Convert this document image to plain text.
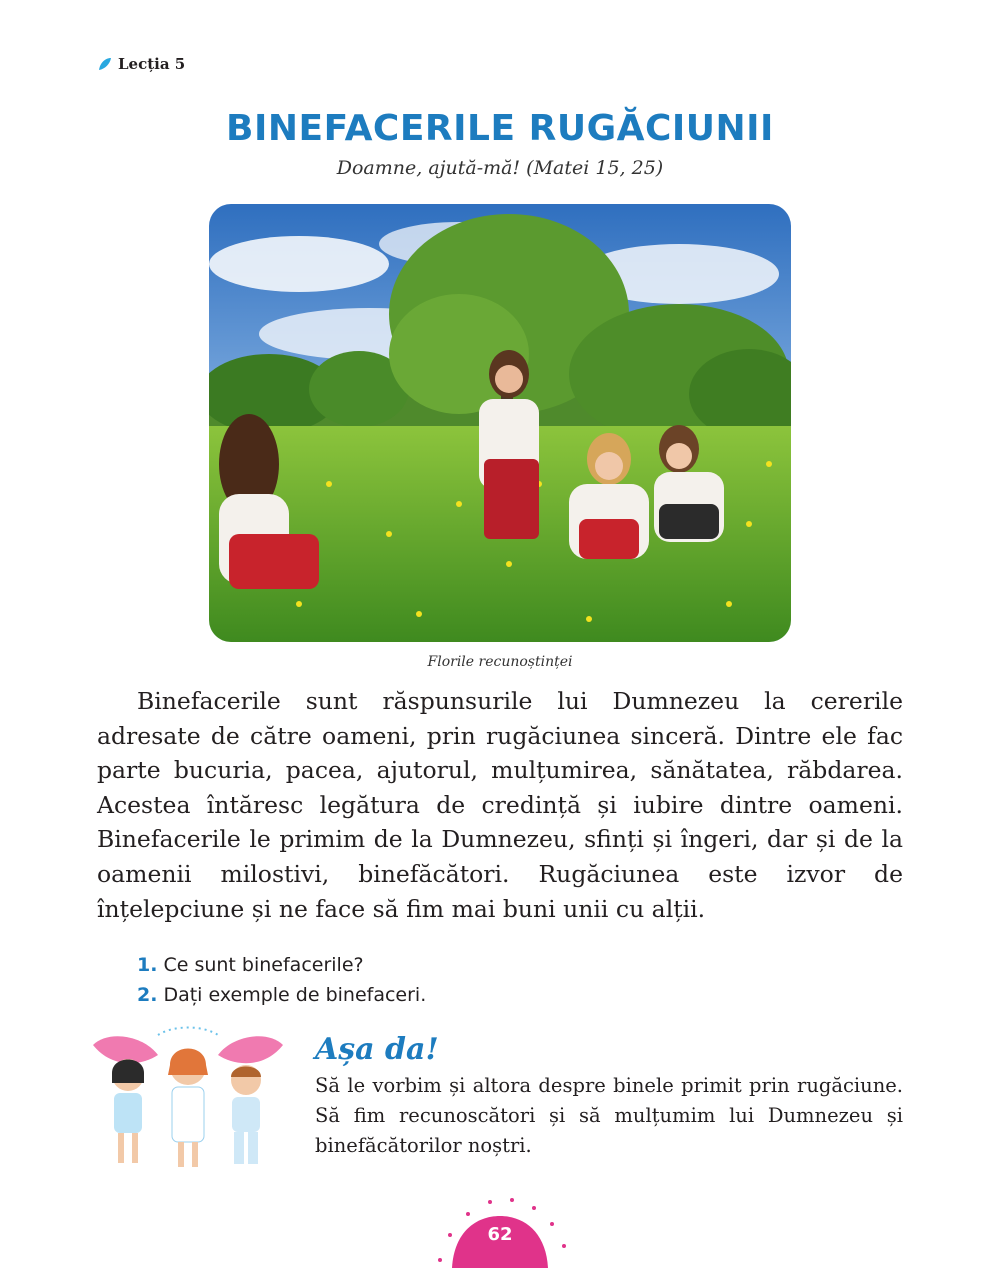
Lecția 5
BINEFACERILE RUGĂCIUNII
Doamne, ajută-mă! (Matei 15, 25)
Florile recunoștinței

Binefacerile sunt răspunsurile lui Dumnezeu la cererile adresate de către oameni, prin rugăciunea sinceră. Dintre ele fac parte bucuria, pacea, ajutorul, mulțumirea, sănătatea, răbdarea. Acestea întăresc legătura de credință și iubire dintre oameni. Binefacerile le primim de la Dumnezeu, sfinți și îngeri, dar și de la oamenii milostivi, binefăcători. Rugăciunea este izvor de înțelepciune și ne face să fim mai buni unii cu alții.

1. Ce sunt binefacerile?
2. Dați exemple de binefaceri.
Așa da!

Să le vorbim și altora despre binele primit prin rugăciune. Să fim recunoscători și să mulțumim lui Dumnezeu și binefăcătorilor noștri.

62
